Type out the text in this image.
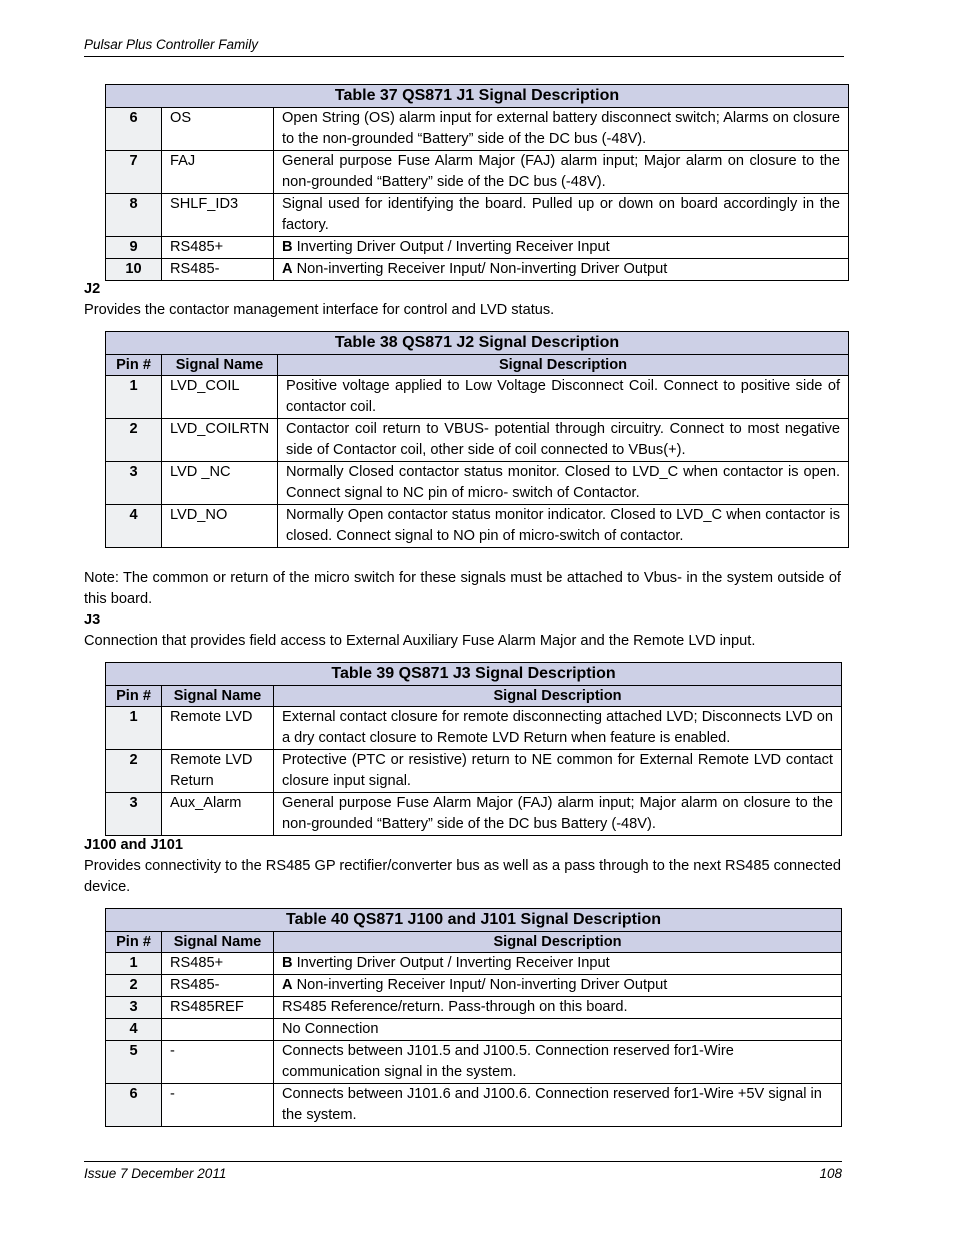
Pulsar Plus Controller Family
Table 37 QS871 J1 Signal Description		
6	OS	Open String (OS) alarm input for external battery disconnect switch; Alarms on closure to the non-grounded “Battery” side of the DC bus (-48V).
7	FAJ	General purpose Fuse Alarm Major (FAJ) alarm input; Major alarm on closure to the non-grounded “Battery” side of the DC bus (-48V).
8	SHLF_ID3	Signal used for identifying the board. Pulled up or down on board accordingly in the factory.
9	RS485+	B Inverting Driver Output / Inverting Receiver Input
10	RS485-	A Non-inverting Receiver Input/ Non-inverting Driver Output
J2
Provides the contactor management interface for control and LVD status.
Table 38 QS871 J2 Signal Description		
Pin #	Signal Name	Signal Description
1	LVD_COIL	Positive voltage applied to Low Voltage Disconnect Coil. Connect to positive side of contactor coil.
2	LVD_COILRTN	Contactor coil return to VBUS- potential through circuitry. Connect to most negative side of Contactor coil, other side of coil connected to VBus(+).
3	LVD _NC	Normally Closed contactor status monitor. Closed to LVD_C when contactor is open. Connect signal to NC pin of micro- switch of Contactor.
4	LVD_NO	Normally Open contactor status monitor indicator. Closed to LVD_C when contactor is closed. Connect signal to NO pin of micro-switch of contactor.
Note: The common or return of the micro switch for these signals must be attached to Vbus- in the system outside of this board.
J3
Connection that provides field access to External Auxiliary Fuse Alarm Major and the Remote LVD input.
Table 39 QS871 J3 Signal Description		
Pin #	Signal Name	Signal Description
1	Remote LVD	External contact closure for remote disconnecting attached LVD; Disconnects LVD on a dry contact closure to Remote LVD Return when feature is enabled.
2	Remote LVD Return	Protective (PTC or resistive) return to NE common for External Remote LVD contact closure input signal.
3	Aux_Alarm	General purpose Fuse Alarm Major (FAJ) alarm input; Major alarm on closure to the non-grounded “Battery” side of the DC bus Battery (-48V).
J100 and J101
Provides connectivity to the RS485 GP rectifier/converter bus as well as a pass through to the next RS485 connected device.
Table 40 QS871 J100 and J101 Signal Description		
Pin #	Signal Name	Signal Description
1	RS485+	B Inverting Driver Output / Inverting Receiver Input
2	RS485-	A Non-inverting Receiver Input/ Non-inverting Driver Output
3	RS485REF	RS485 Reference/return. Pass-through on this board.
4		No Connection
5	-	Connects between J101.5 and J100.5. Connection reserved for1-Wire communication signal in the system.
6	-	Connects between J101.6 and J100.6. Connection reserved for1-Wire +5V signal in the system.
Issue 7 December 2011	108
